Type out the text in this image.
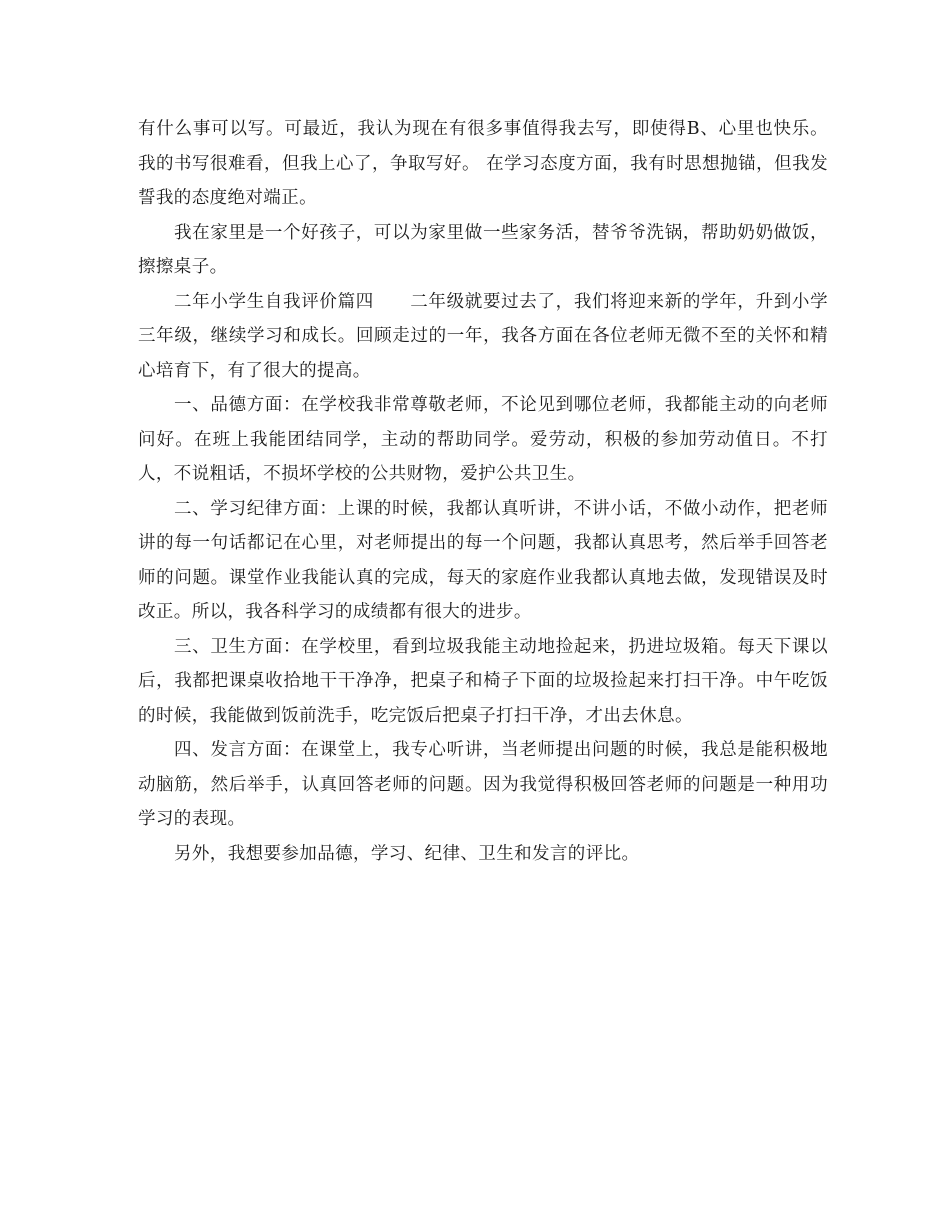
有什么事可以写。可最近，我认为现在有很多事值得我去写，即使得B、心里也快乐。我的书写很难看，但我上心了，争取写好。 在学习态度方面，我有时思想抛锚，但我发誓我的态度绝对端正。

我在家里是一个好孩子，可以为家里做一些家务活，替爷爷洗锅，帮助奶奶做饭，擦擦桌子。

二年小学生自我评价篇四　　二年级就要过去了，我们将迎来新的学年，升到小学三年级，继续学习和成长。回顾走过的一年，我各方面在各位老师无微不至的关怀和精心培育下，有了很大的提高。

一、品德方面：在学校我非常尊敬老师，不论见到哪位老师，我都能主动的向老师问好。在班上我能团结同学，主动的帮助同学。爱劳动，积极的参加劳动值日。不打人，不说粗话，不损坏学校的公共财物，爱护公共卫生。

二、学习纪律方面：上课的时候，我都认真听讲，不讲小话，不做小动作，把老师讲的每一句话都记在心里，对老师提出的每一个问题，我都认真思考，然后举手回答老师的问题。课堂作业我能认真的完成，每天的家庭作业我都认真地去做，发现错误及时改正。所以，我各科学习的成绩都有很大的进步。

三、卫生方面：在学校里，看到垃圾我能主动地捡起来，扔进垃圾箱。每天下课以后，我都把课桌收拾地干干净净，把桌子和椅子下面的垃圾捡起来打扫干净。中午吃饭的时候，我能做到饭前洗手，吃完饭后把桌子打扫干净，才出去休息。

四、发言方面：在课堂上，我专心听讲，当老师提出问题的时候，我总是能积极地动脑筋，然后举手，认真回答老师的问题。因为我觉得积极回答老师的问题是一种用功学习的表现。

另外，我想要参加品德，学习、纪律、卫生和发言的评比。
